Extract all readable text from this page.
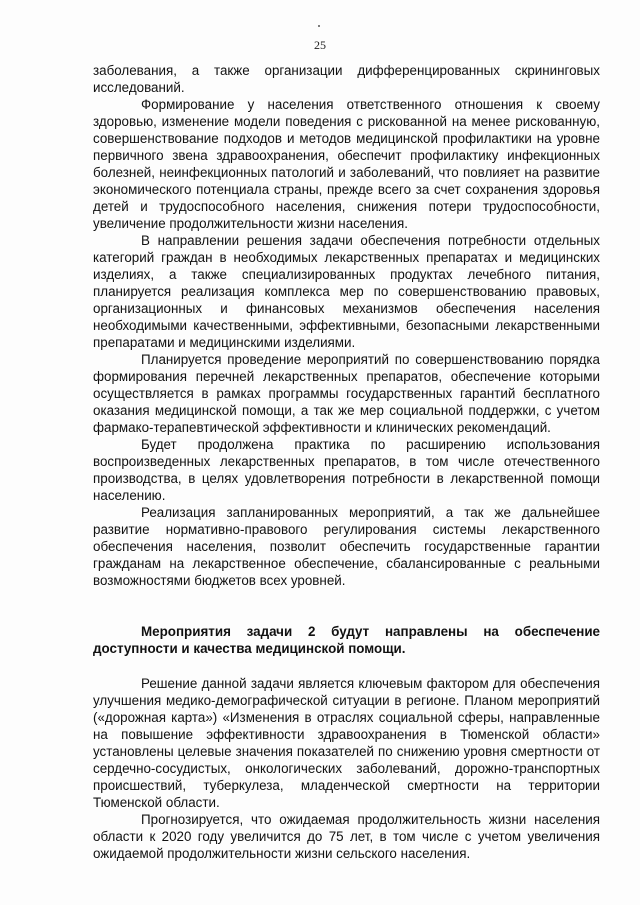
25

заболевания, а также организации дифференцированных скрининговых исследований.

Формирование у населения ответственного отношения к своему здоровью, изменение модели поведения с рискованной на менее рискованную, совершенствование подходов и методов медицинской профилактики на уровне первичного звена здравоохранения, обеспечит профилактику инфекционных болезней, неинфекционных патологий и заболеваний, что повлияет на развитие экономического потенциала страны, прежде всего за счет сохранения здоровья детей и трудоспособного населения, снижения потери трудоспособности, увеличение продолжительности жизни населения.

В направлении решения задачи обеспечения потребности отдельных категорий граждан в необходимых лекарственных препаратах и медицинских изделиях, а также специализированных продуктах лечебного питания, планируется реализация комплекса мер по совершенствованию правовых, организационных и финансовых механизмов обеспечения населения необходимыми качественными, эффективными, безопасными лекарственными препаратами и медицинскими изделиями.

Планируется проведение мероприятий по совершенствованию порядка формирования перечней лекарственных препаратов, обеспечение которыми осуществляется в рамках программы государственных гарантий бесплатного оказания медицинской помощи, а так же мер социальной поддержки, с учетом фармако-терапевтической эффективности и клинических рекомендаций.

Будет продолжена практика по расширению использования воспроизведенных лекарственных препаратов, в том числе отечественного производства, в целях удовлетворения потребности в лекарственной помощи населению.

Реализация запланированных мероприятий, а так же дальнейшее развитие нормативно-правового регулирования системы лекарственного обеспечения населения, позволит обеспечить государственные гарантии гражданам на лекарственное обеспечение, сбалансированные с реальными возможностями бюджетов всех уровней.

Мероприятия задачи 2 будут направлены на обеспечение доступности и качества медицинской помощи.

Решение данной задачи является ключевым фактором для обеспечения улучшения медико-демографической ситуации в регионе. Планом мероприятий («дорожная карта») «Изменения в отраслях социальной сферы, направленные на повышение эффективности здравоохранения в Тюменской области» установлены целевые значения показателей по снижению уровня смертности от сердечно-сосудистых, онкологических заболеваний, дорожно-транспортных происшествий, туберкулеза, младенческой смертности на территории Тюменской области.

Прогнозируется, что ожидаемая продолжительность жизни населения области к 2020 году увеличится до 75 лет, в том числе с учетом увеличения ожидаемой продолжительности жизни сельского населения.
